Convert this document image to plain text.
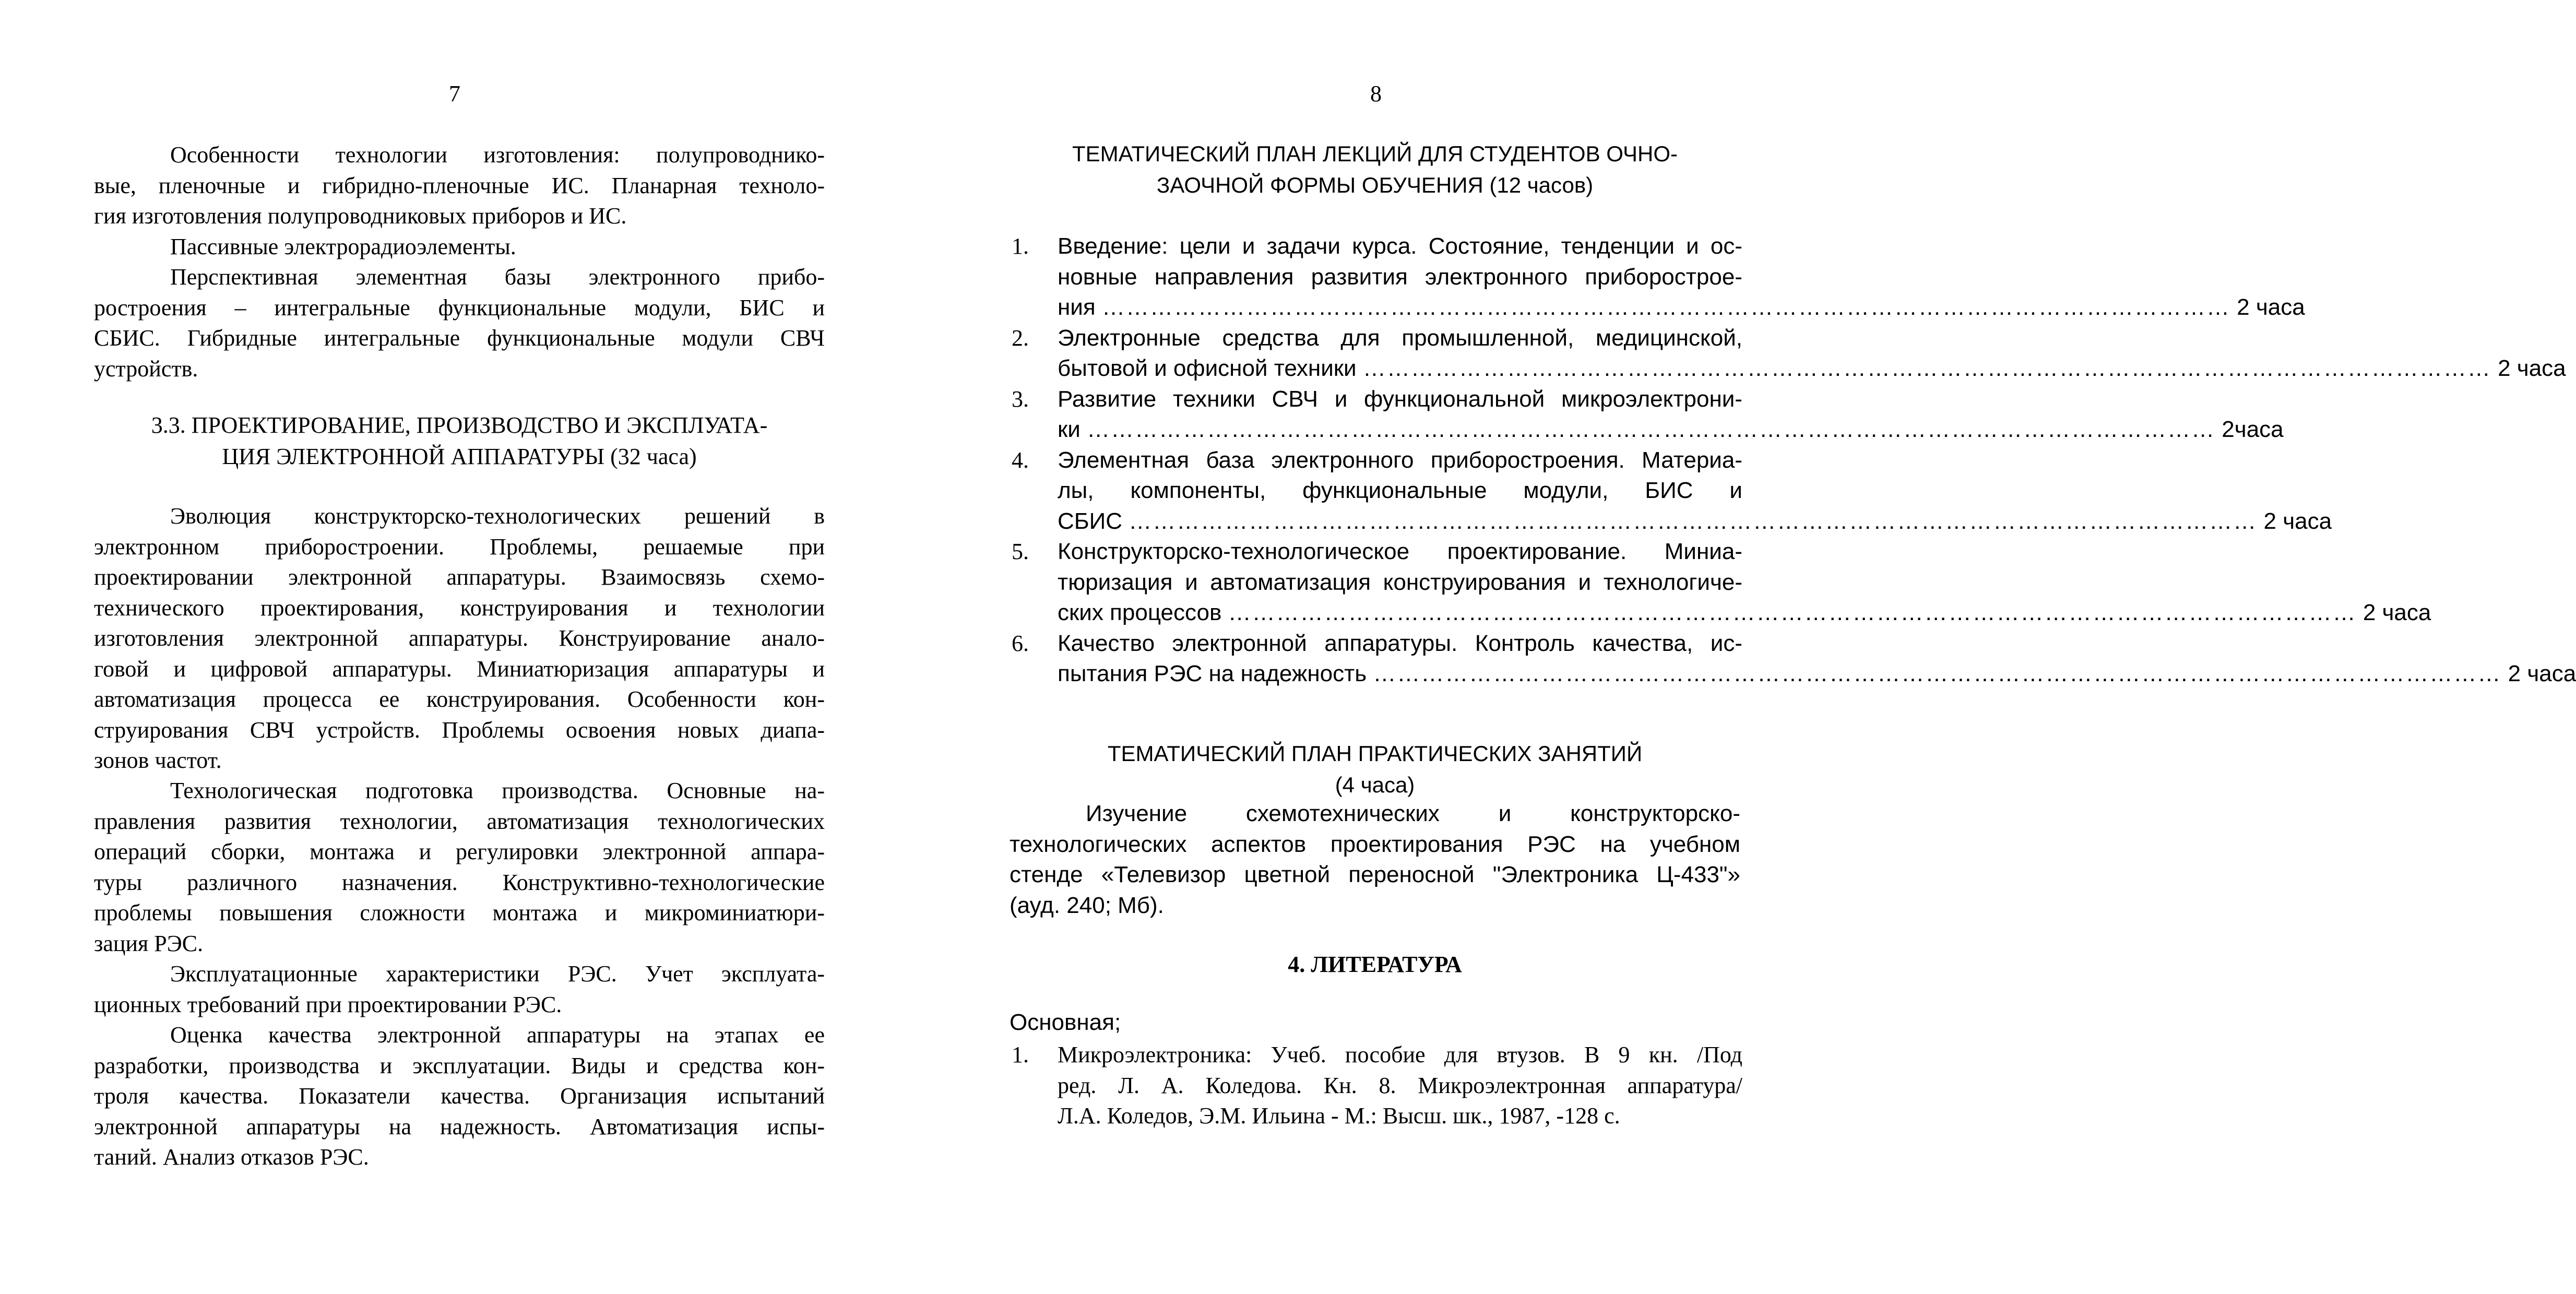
7
Особенности технологии изготовления: полупроводнико-
вые, пленочные и гибридно-пленочные ИС. Планарная техноло-
гия изготовления полупроводниковых приборов и ИС.
Пассивные электрорадиоэлементы.
Перспективная элементная базы электронного прибо-
ростроения – интегральные функциональные модули, БИС и
СБИС. Гибридные интегральные функциональные модули СВЧ
устройств.
3.3. ПРОЕКТИРОВАНИЕ, ПРОИЗВОДСТВО И ЭКСПЛУАТА-
ЦИЯ ЭЛЕКТРОННОЙ АППАРАТУРЫ (32 часа)
Эволюция конструкторско-технологических решений в
электронном приборостроении. Проблемы, решаемые при
проектировании электронной аппаратуры. Взаимосвязь схемо-
технического проектирования, конструирования и технологии
изготовления электронной аппаратуры. Конструирование анало-
говой и цифровой аппаратуры. Миниатюризация аппаратуры и
автоматизация процесса ее конструирования. Особенности кон-
струирования СВЧ устройств. Проблемы освоения новых диапа-
зонов частот.
Технологическая подготовка производства. Основные на-
правления развития технологии, автоматизация технологических
операций сборки, монтажа и регулировки электронной аппара-
туры различного назначения. Конструктивно-технологические
проблемы повышения сложности монтажа и микроминиатюри-
зация РЭС.
Эксплуатационные характеристики РЭС. Учет эксплуата-
ционных требований при проектировании РЭС.
Оценка качества электронной аппаратуры на этапах ее
разработки, производства и эксплуатации. Виды и средства кон-
троля качества. Показатели качества. Организация испытаний
электронной аппаратуры на надежность. Автоматизация испы-
таний. Анализ отказов РЭС.
8
ТЕМАТИЧЕСКИЙ ПЛАН ЛЕКЦИЙ ДЛЯ СТУДЕНТОВ ОЧНО-
ЗАОЧНОЙ ФОРМЫ ОБУЧЕНИЯ (12 часов)
1. Введение: цели и задачи курса. Состояние, тенденции и ос-
новные направления развития электронного приборострое-
ния …………………………………………………………………………………………………………………………… 2 часа
2. Электронные средства для промышленной, медицинской,
бытовой и офисной техники …………………………………………………………………………………………………………………………… 2 часа
3. Развитие техники СВЧ и функциональной микроэлектрони-
ки …………………………………………………………………………………………………………………………… 2часа
4. Элементная база электронного приборостроения. Материа-
лы, компоненты, функциональные модули, БИС и
СБИС …………………………………………………………………………………………………………………………… 2 часа
5. Конструкторско-технологическое проектирование. Миниа-
тюризация и автоматизация конструирования и технологиче-
ских процессов …………………………………………………………………………………………………………………………… 2 часа
6. Качество электронной аппаратуры. Контроль качества, ис-
пытания РЭС на надежность …………………………………………………………………………………………………………………………… 2 часа
ТЕМАТИЧЕСКИЙ ПЛАН ПРАКТИЧЕСКИХ ЗАНЯТИЙ
(4 часа)
Изучение схемотехнических и конструкторско-
технологических аспектов проектирования РЭС на учебном
стенде «Телевизор цветной переносной "Электроника Ц-433"»
(ауд. 240; Мб).
4. ЛИТЕРАТУРА
Основная;
1. Микроэлектроника: Учеб. пособие для втузов. В 9 кн. /Под
ред. Л. А. Коледова. Кн. 8. Микроэлектронная аппаратура/
Л.А. Коледов, Э.М. Ильина - М.: Высш. шк., 1987, -128 с.
